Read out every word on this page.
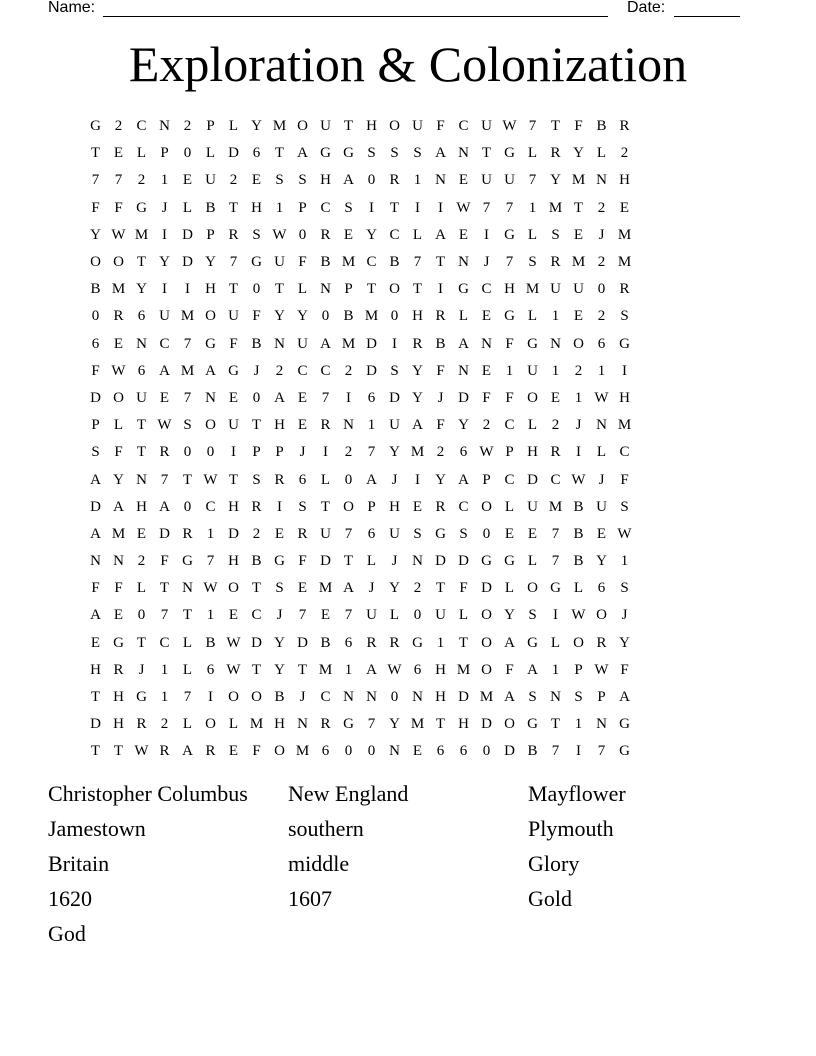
Name:	Date:
Exploration & Colonization
G 2 C N 2	P L Y M O U T H O U F C U W 7 T F B R
T E L P	0 L D 6 T A G G S S S A N T G L R Y L 2
7	7	2	1 E U 2 E S S H A 0 R 1 N E U U 7 Y M N H
F F G J	L B T H 1	P C S	I	T	I	I W 7	7	1 M T 2 E
Y W M I	D P R S W 0 R E Y C L A E	I	G L S E	J M
O O T Y D Y 7 G U F B M C B 7 T N J	7	S R M 2 M
B M Y	I	I	H T 0 T L N P T O T	I	G C H M U U 0 R
0 R 6 U M O U F Y Y 0 B M 0 H R L E G L 1 E 2	S
6 E N C 7 G F B N U A M D	I	R B A N F G N O 6 G
F W 6 A M A G J	2 C C 2 D S Y F N E 1 U 1	2	1	I
D O U E 7 N E 0 A E 7	I	6 D Y J D F F O E 1 W H
P L T W S O U T H E R N 1 U A F Y 2 C L 2	J N M
S F T R 0	0	I	P P	J	I	2	7 Y M 2	6 W P H R	I	L C
A Y N 7 T W T S R 6 L 0 A J	I	Y A P C D C W J	F
D A H A 0 C H R	I	S T O P H E R C O L U M B U S
A M E D R 1 D 2 E R U 7	6 U S G S	0 E E 7 B E W
N N 2	F G 7 H B G F D T L	J N D D G G L 7 B Y 1
F F L T N W O T S E M A J Y 2 T F D L O G L 6	S
A E 0	7 T 1 E C	J	7 E 7 U L 0 U L O Y S	I W O J
E G T C L B W D Y D B 6 R R G 1 T O A G L O R Y
H R	J	1 L 6 W T Y T M 1 A W 6 H M O F A 1	P W F
T H G 1	7	I	O O B	J	C N N 0 N H D M A S N S P A
D H R 2 L O L M H N R G 7 Y M T H D O G T 1 N G
T T W R A R E F O M 6	0	0 N E 6	6	0 D B 7	I	7 G
Christopher Columbus	New England	Mayflower
Jamestown	southern	Plymouth
Britain	middle	Glory
1620	1607	Gold
God
